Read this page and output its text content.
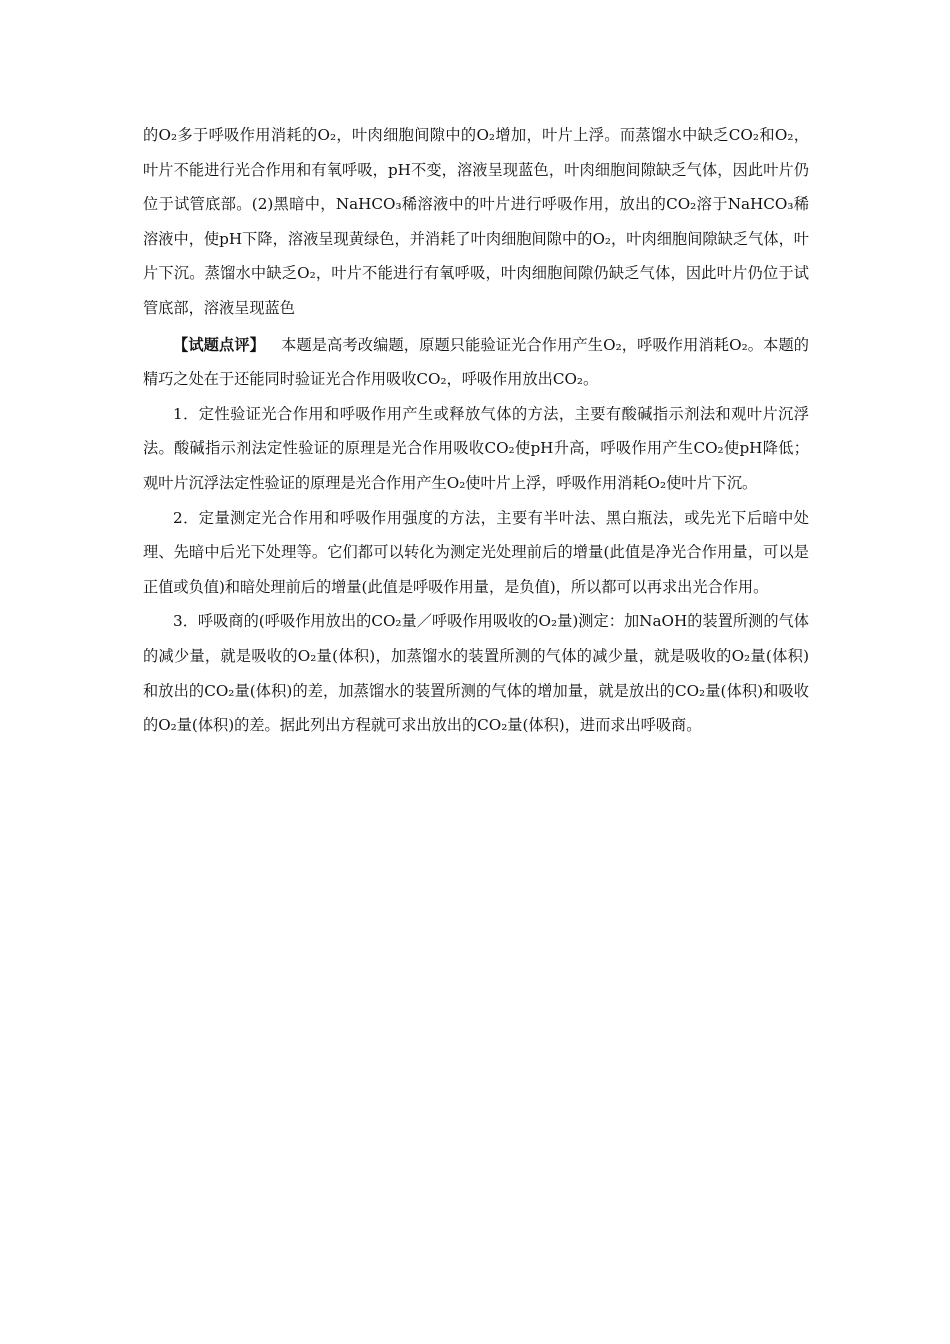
的O₂多于呼吸作用消耗的O₂，叶肉细胞间隙中的O₂增加，叶片上浮。而蒸馏水中缺乏CO₂和O₂，叶片不能进行光合作用和有氧呼吸，pH不变，溶液呈现蓝色，叶肉细胞间隙缺乏气体，因此叶片仍位于试管底部。(2)黑暗中，NaHCO₃稀溶液中的叶片进行呼吸作用，放出的CO₂溶于NaHCO₃稀溶液中，使pH下降，溶液呈现黄绿色，并消耗了叶肉细胞间隙中的O₂，叶肉细胞间隙缺乏气体，叶片下沉。蒸馏水中缺乏O₂，叶片不能进行有氧呼吸，叶肉细胞间隙仍缺乏气体，因此叶片仍位于试管底部，溶液呈现蓝色

【试题点评】 本题是高考改编题，原题只能验证光合作用产生O₂，呼吸作用消耗O₂。本题的精巧之处在于还能同时验证光合作用吸收CO₂，呼吸作用放出CO₂。

1．定性验证光合作用和呼吸作用产生或释放气体的方法，主要有酸碱指示剂法和观叶片沉浮法。酸碱指示剂法定性验证的原理是光合作用吸收CO₂使pH升高，呼吸作用产生CO₂使pH降低；观叶片沉浮法定性验证的原理是光合作用产生O₂使叶片上浮，呼吸作用消耗O₂使叶片下沉。

2．定量测定光合作用和呼吸作用强度的方法，主要有半叶法、黑白瓶法，或先光下后暗中处理、先暗中后光下处理等。它们都可以转化为测定光处理前后的增量(此值是净光合作用量，可以是正值或负值)和暗处理前后的增量(此值是呼吸作用量，是负值)，所以都可以再求出光合作用。

3．呼吸商的(呼吸作用放出的CO₂量／呼吸作用吸收的O₂量)测定：加NaOH的装置所测的气体的减少量，就是吸收的O₂量(体积)，加蒸馏水的装置所测的气体的减少量，就是吸收的O₂量(体积)和放出的CO₂量(体积)的差，加蒸馏水的装置所测的气体的增加量，就是放出的CO₂量(体积)和吸收的O₂量(体积)的差。据此列出方程就可求出放出的CO₂量(体积)，进而求出呼吸商。
